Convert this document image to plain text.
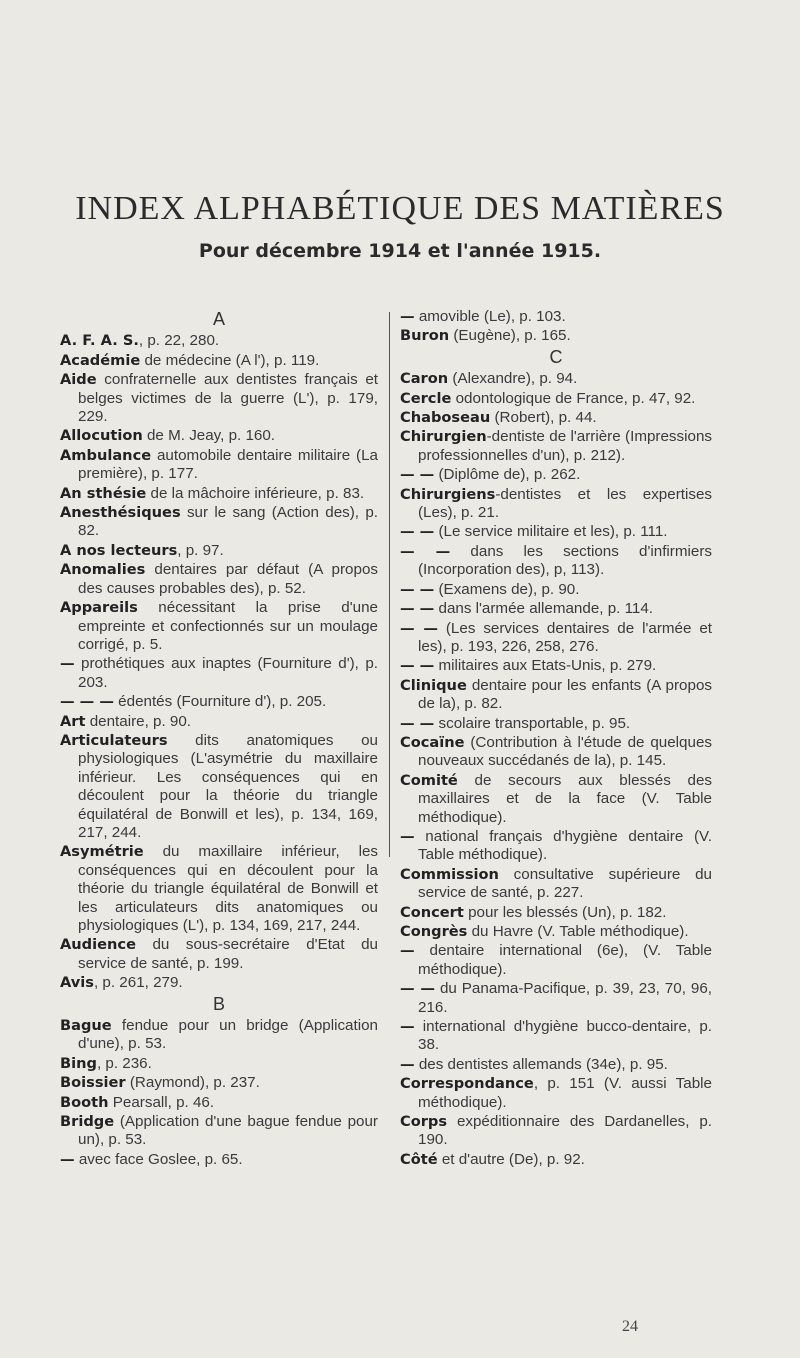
INDEX ALPHABÉTIQUE DES MATIÈRES
Pour décembre 1914 et l'année 1915.
A
A. F. A. S., p. 22, 280.
Académie de médecine (A l'), p. 119.
Aide confraternelle aux dentistes français et belges victimes de la guerre (L'), p. 179, 229.
Allocution de M. Jeay, p. 160.
Ambulance automobile dentaire militaire (La première), p. 177.
An sthésie de la mâchoire inférieure, p. 83.
Anesthésiques sur le sang (Action des), p. 82.
A nos lecteurs, p. 97.
Anomalies dentaires par défaut (A propos des causes probables des), p. 52.
Appareils nécessitant la prise d'une empreinte et confectionnés sur un moulage corrigé, p. 5.
— prothétiques aux inaptes (Fourniture d'), p. 203.
— — — édentés (Fourniture d'), p. 205.
Art dentaire, p. 90.
Articulateurs dits anatomiques ou physiologiques (L'asymétrie du maxillaire inférieur. Les conséquences qui en découlent pour la théorie du triangle équilatéral de Bonwill et les), p. 134, 169, 217, 244.
Asymétrie du maxillaire inférieur, les conséquences qui en découlent pour la théorie du triangle équilatéral de Bonwill et les articulateurs dits anatomiques ou physiologiques (L'), p. 134, 169, 217, 244.
Audience du sous-secrétaire d'Etat du service de santé, p. 199.
Avis, p. 261, 279.
B
Bague fendue pour un bridge (Application d'une), p. 53.
Bing, p. 236.
Boissier (Raymond), p. 237.
Booth Pearsall, p. 46.
Bridge (Application d'une bague fendue pour un), p. 53.
— avec face Goslee, p. 65.
— amovible (Le), p. 103.
Buron (Eugène), p. 165.
C
Caron (Alexandre), p. 94.
Cercle odontologique de France, p. 47, 92.
Chaboseau (Robert), p. 44.
Chirurgien-dentiste de l'arrière (Impressions professionnelles d'un), p. 212).
— — (Diplôme de), p. 262.
Chirurgiens-dentistes et les expertises (Les), p. 21.
— — (Le service militaire et les), p. 111.
— — dans les sections d'infirmiers (Incorporation des), p, 113).
— — (Examens de), p. 90.
— — dans l'armée allemande, p. 114.
— — (Les services dentaires de l'armée et les), p. 193, 226, 258, 276.
— — militaires aux Etats-Unis, p. 279.
Clinique dentaire pour les enfants (A propos de la), p. 82.
— — scolaire transportable, p. 95.
Cocaïne (Contribution à l'étude de quelques nouveaux succédanés de la), p. 145.
Comité de secours aux blessés des maxillaires et de la face (V. Table méthodique).
— national français d'hygiène dentaire (V. Table méthodique).
Commission consultative supérieure du service de santé, p. 227.
Concert pour les blessés (Un), p. 182.
Congrès du Havre (V. Table méthodique).
— dentaire international (6e), (V. Table méthodique).
— — du Panama-Pacifique, p. 39, 23, 70, 96, 216.
— international d'hygiène bucco-dentaire, p. 38.
— des dentistes allemands (34e), p. 95.
Correspondance, p. 151 (V. aussi Table méthodique).
Corps expéditionnaire des Dardanelles, p. 190.
Côté et d'autre (De), p. 92.
24
